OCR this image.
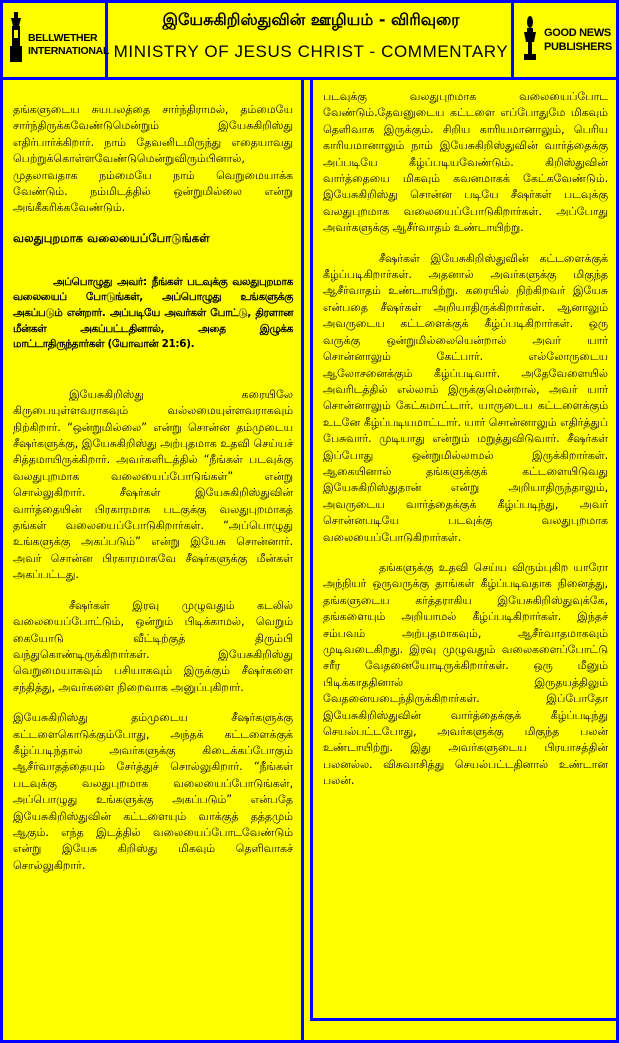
BELLWETHER
INTERNATIONAL
இயேசுகிறிஸ்துவின் ஊழியம் - விரிவுரை
MINISTRY OF JESUS CHRIST - COMMENTARY
GOOD NEWS
PUBLISHERS

தங்களுடைய சுயபலத்தை சார்ந்திராமல், தம்மையே சார்ந்திருக்கவேண்டுமென்றும் இயேசுகிறிஸ்து எதிர்பார்க்கிறார். நாம் தேவனிடமிருந்து எதையாவது பெற்றுக்கொள்ளவேண்டுமென்றுவிரும்பினால், முதலாவதாக நம்மையே நாம் வெறுமையாக்க வேண்டும். நம்மிடத்தில் ஒன்றுமில்லை என்று அங்கீகரிக்கவேண்டும்.

வலதுபுறமாக வலையைப்போடுங்கள்
அப்பொழுது அவர்: நீங்கள் படவுக்கு வலதுபுறமாக வலையைப் போடுங்கள், அப்பொழுது உங்களுக்கு அகப்படும் என்றார். அப்படியே அவர்கள் போட்டு, திரளான மீன்கள் அகப்பட்டதினால், அதை இழுக்க மாட்டாதிருந்தார்கள் (யோவான் 21:6).

இயேசுகிறிஸ்து கரையிலே கிருபையுள்ளவராகவும் வல்லமையுள்ளவராகவும் நிற்கிறார். “ஒன்றுமில்லை” என்று சொன்ன தம்முடைய சீஷர்களுக்கு, இயேசுகிறிஸ்து அற்புதமாக உதவி செய்யச் சித்தமாயிருக்கிறார். அவர்களிடத்தில் “நீங்கள் படவுக்கு வலதுபுறமாக வலையைப்போடுங்கள்” என்று சொல்லுகிறார். சீஷர்கள் இயேசுகிறிஸ்துவின் வார்த்தையின் பிரகாரமாக படகுக்கு வலதுபுறமாகத் தங்கள் வலையைப்போடுகிறார்கள். “அப்பொழுது உங்களுக்கு அகப்படும்” என்று இயேசு சொன்னார். அவர் சொன்ன பிரகாரமாகவே சீஷர்களுக்கு மீன்கள் அகப்பட்டது.

சீஷர்கள் இரவு முழுவதும் கடலில் வலையைப்போட்டும், ஒன்றும் பிடிக்காமல், வெறும் கையோடு வீட்டிற்குத் திரும்பி வந்துகொண்டிருக்கிறார்கள். இயேசுகிறிஸ்து வெறுமையாகவும் பசியாகவும் இருக்கும் சீஷர்களை சந்தித்து, அவர்களை நிறைவாக அனுப்புகிறார்.

இயேசுகிறிஸ்து தம்முடைய சீஷர்களுக்கு கட்டளைகொடுக்கும்போது, அந்தக் கட்டளைக்குக் கீழ்ப்படிந்தால் அவர்களுக்கு கிடைக்கப்போகும் ஆசீர்வாதத்தையும் சேர்த்துச் சொல்லுகிறார். “நீங்கள் படவுக்கு வலதுபுறமாக வலையைப்போடுங்கள், அப்பொழுது உங்களுக்கு அகப்படும்” என்பதே இயேசுகிறிஸ்துவின் கட்டளையும் வாக்குத் தத்தமும் ஆகும். எந்த இடத்தில் வலையைப்போடவேண்டும் என்று இயேசு கிறிஸ்து மிகவும் தெளிவாகச் சொல்லுகிறார்.

படவுக்கு வலதுபுறமாக வலையைப்போட வேண்டும்.தேவனுடைய கட்டளை எப்போதுமே மிகவும் தெளிவாக இருக்கும். சிறிய காரியமானாலும், பெரிய காரியமானாலும் நாம் இயேசுகிறிஸ்துவின் வார்த்தைக்கு அப்படியே கீழ்ப்படியவேண்டும். கிறிஸ்துவின் வார்த்தையை மிகவும் கவனமாகக் கேட்கவேண்டும். இயேசுகிறிஸ்து சொன்ன படியே சீஷர்கள் படவுக்கு வலதுபுறமாக வலையைப்போடுகிறார்கள். அப்போது அவர்களுக்கு ஆசீர்வாதம் உண்டாயிற்று.

சீஷர்கள் இயேசுகிறிஸ்துவின் கட்டளைக்குக் கீழ்ப்படிகிறார்கள். அதனால் அவர்களுக்கு மிகுந்த ஆசீர்வாதம் உண்டாயிற்று. கரையில் நிற்கிறவர் இயேசு என்பதை சீஷர்கள் அறியாதிருக்கிறார்கள். ஆனாலும் அவருடைய கட்டளைக்குக் கீழ்ப்படிகிறார்கள். ஒரு வருக்கு ஒன்றுமில்லையென்றால் அவர் யார் சொன்னாலும் கேட்பார். எல்லோருடைய ஆலோசனைக்கும் கீழ்ப்படிவார். அதேவேளையில் அவரிடத்தில் எல்லாம் இருக்குமென்றால், அவர் யார் சொன்னாலும் கேட்கமாட்டார். யாருடைய கட்டளைக்கும் உடனே கீழ்ப்படியமாட்டார். யார் சொன்னாலும் எதிர்த்துப் பேசுவார். முடியாது என்றும் மறுத்துவிடுவார். சீஷர்கள் இப்போது ஒன்றுமில்லாமல் இருக்கிறார்கள். ஆகையினால் தங்களுக்குக் கட்டளையிடுவது இயேசுகிறிஸ்துதான் என்று அறியாதிருந்தாலும், அவருடைய வார்த்தைக்குக் கீழ்ப்படிந்து, அவர் சொன்னபடியே படவுக்கு வலதுபுறமாக வலையைப்போடுகிறார்கள்.

தங்களுக்கு உதவி செய்ய விரும்புகிற யாரோ அந்நியர் ஒருவருக்கு தாங்கள் கீழ்ப்படிவதாக நினைத்து, தங்களுடைய கர்த்தராகிய இயேசுகிறிஸ்துவுக்கே, தங்களையும் அறியாமல் கீழ்ப்படிகிறார்கள். இந்தச் சம்பவம் அற்புதமாகவும், ஆசீர்வாதமாகவும் முடிவடைகிறது. இரவு முழுவதும் வலைகளைப்போட்டு சரீர வேதனையோடிருக்கிறார்கள். ஒரு மீனும் பிடிக்காததினால் இருதயத்திலும் வேதனையடைந்திருக்கிறார்கள். இப்போதோ இயேசுகிறிஸ்துவின் வார்த்தைக்குக் கீழ்ப்படிந்து செயல்பட்டபோது, அவர்களுக்கு மிகுந்த பலன் உண்டாயிற்று. இது அவர்களுடைய பிரயாசத்தின் பலனல்ல. விசுவாசித்து செயல்பட்டதினால் உண்டான பலன்.
